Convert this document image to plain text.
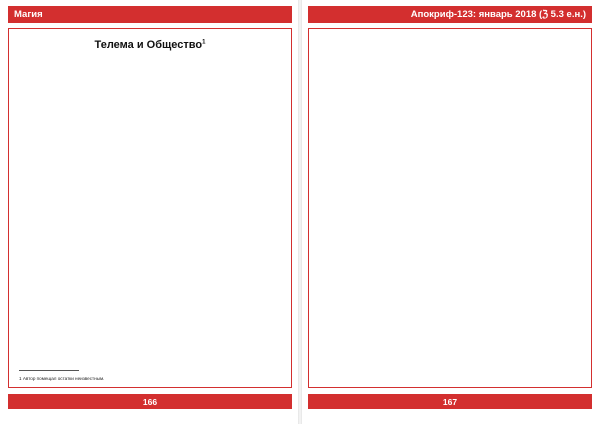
Магия
Телема и Общество$^1$

1 Автор помещал остатки неизвестным.
166
Апокриф-123: январь 2018 (ℨ 5.3 е.н.)

167
